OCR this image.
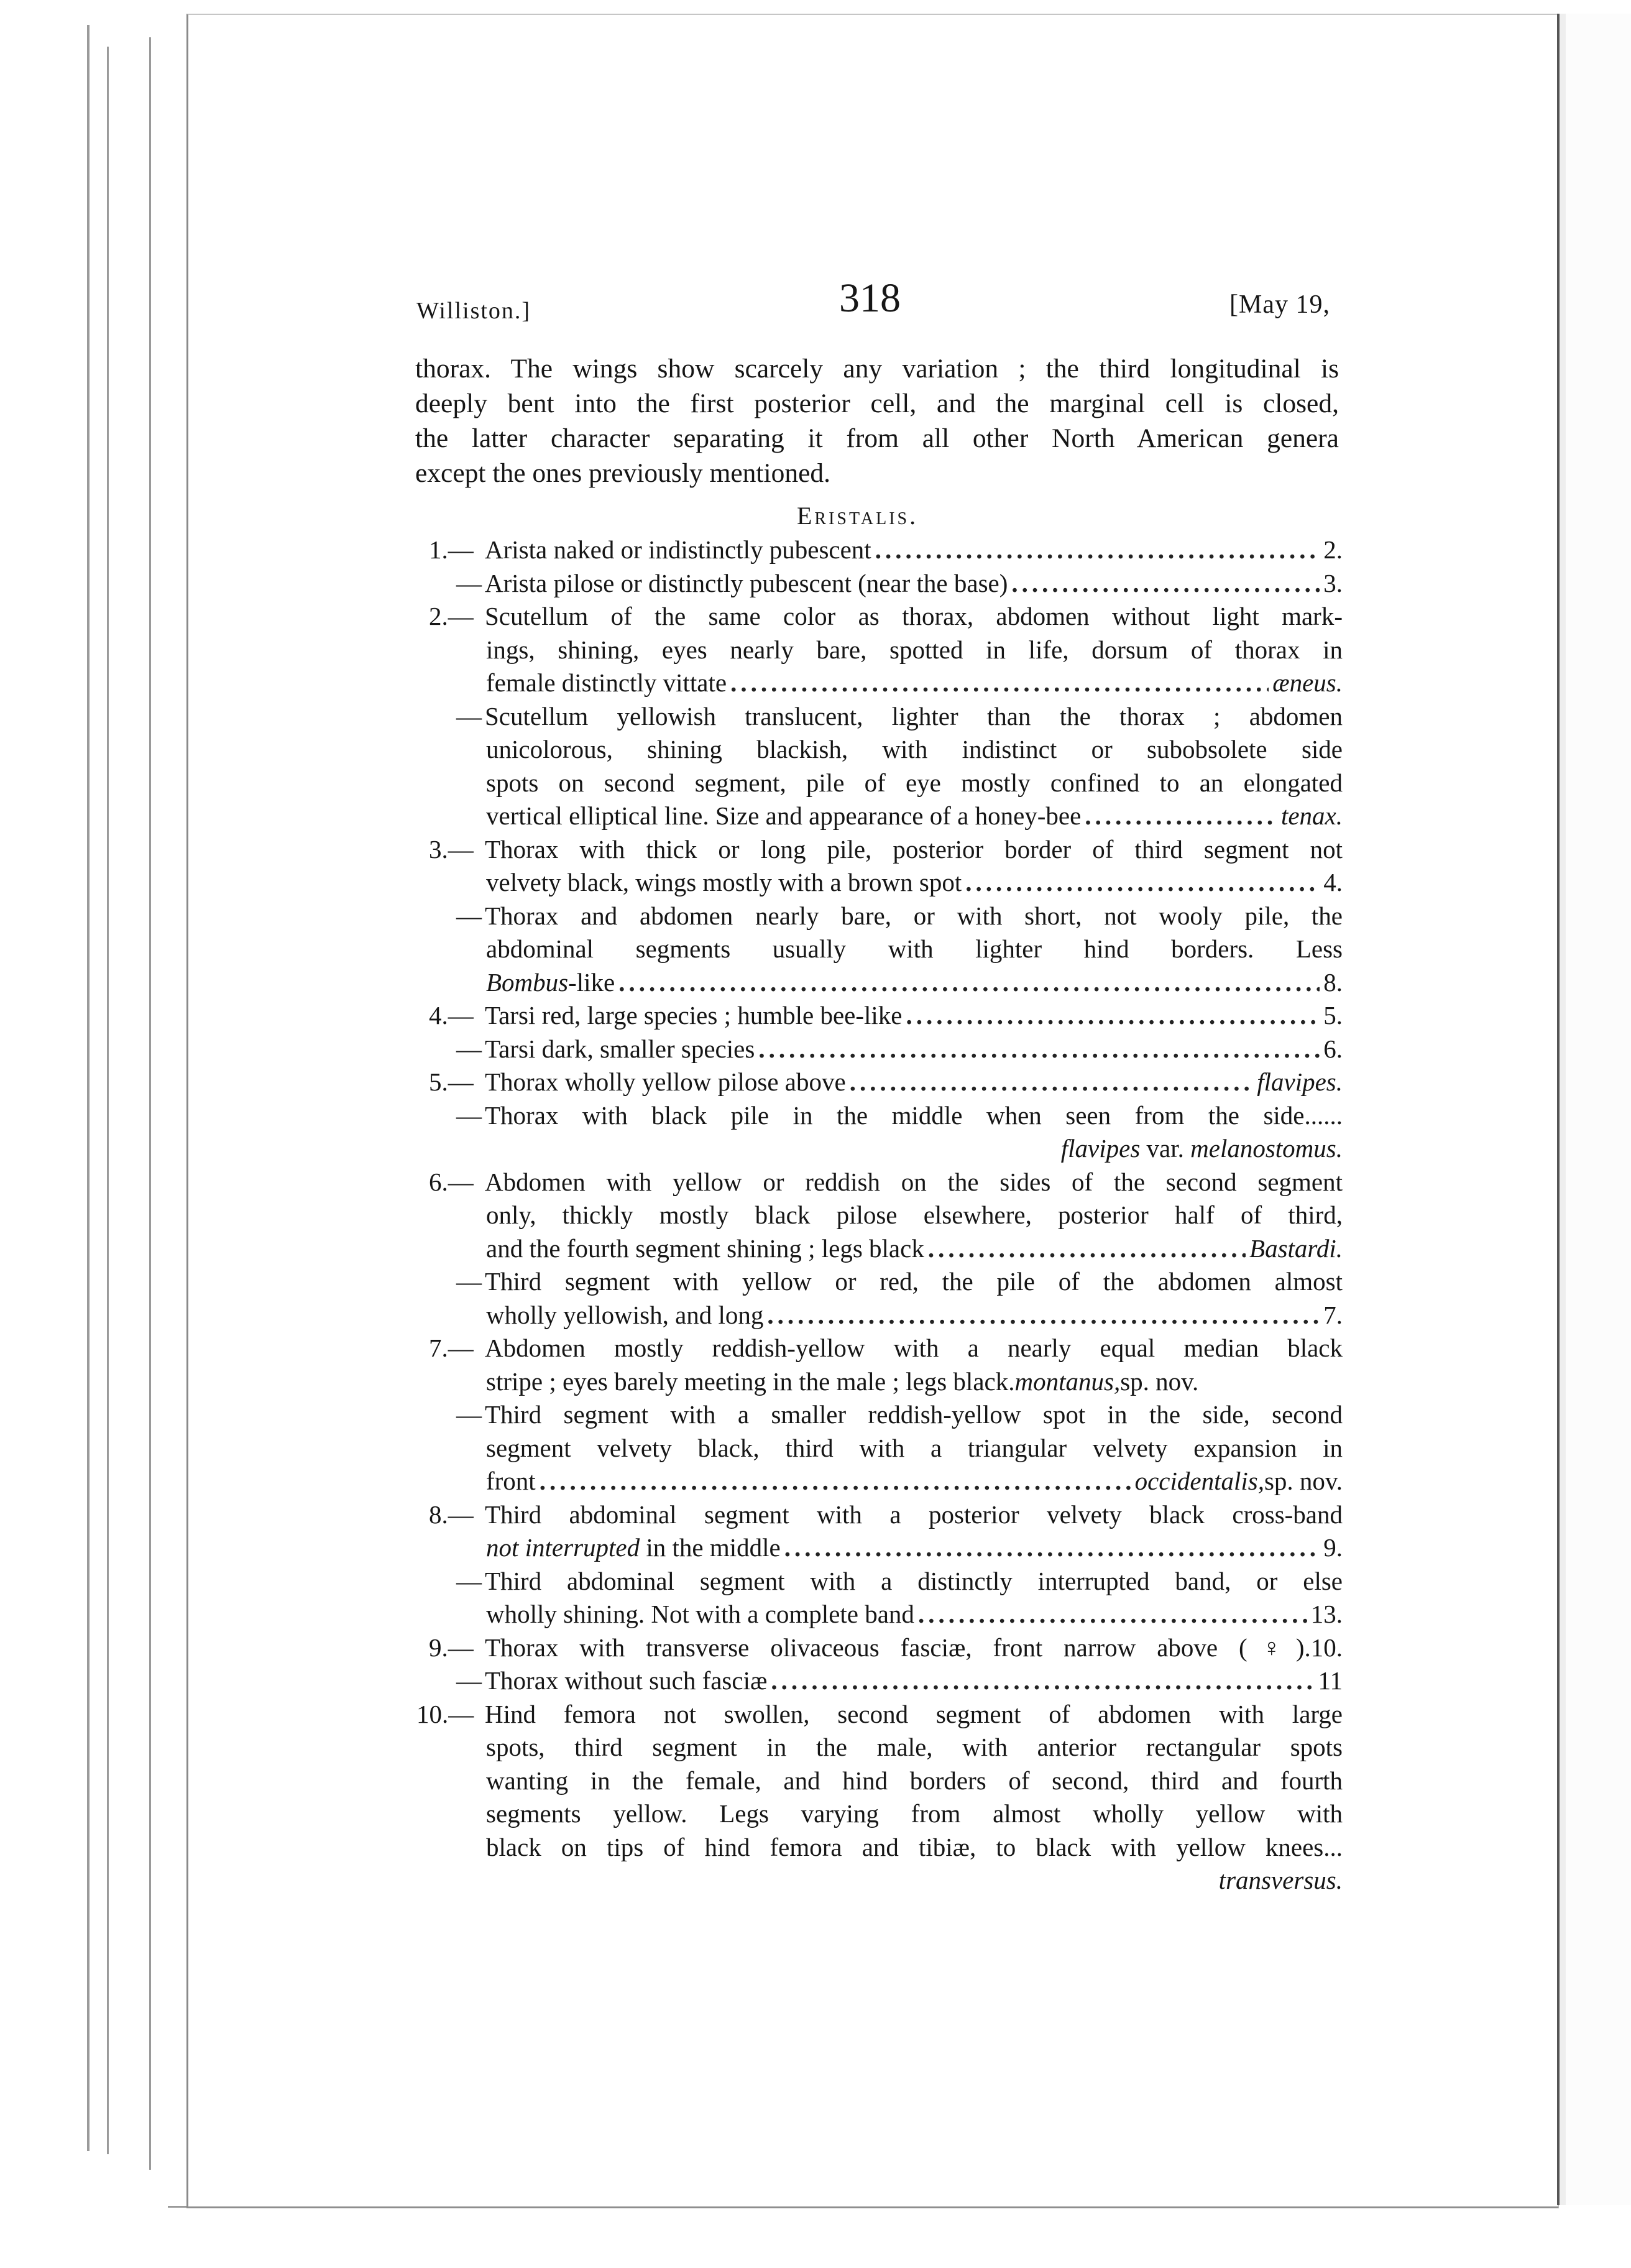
Williston.]	318	[May 19,

thorax. The wings show scarcely any variation ; the third longitudinal is

deeply bent into the first posterior cell, and the marginal cell is closed,

the latter character separating it from all other North American genera

except the ones previously mentioned.

Eristalis.
1.— Arista naked or indistinctly pubescent .....	2.
— Arista pilose or distinctly pubescent (near the base) .....	3.
2.— Scutellum of the same color as thorax, abdomen without light mark-
ings, shining, eyes nearly bare, spotted in life, dorsum of thorax in
female distinctly vittate .....	æneus.
— Scutellum yellowish translucent, lighter than the thorax ; abdomen
unicolorous, shining blackish, with indistinct or subobsolete side
spots on second segment, pile of eye mostly confined to an elongated
vertical elliptical line. Size and appearance of a honey-bee .....	tenax.
3.— Thorax with thick or long pile, posterior border of third segment not
velvety black, wings mostly with a brown spot .....	4.
— Thorax and abdomen nearly bare, or with short, not wooly pile, the
abdominal segments usually with lighter hind borders. Less
Bombus-like .....	8.
4.— Tarsi red, large species ; humble bee-like .....	5.
— Tarsi dark, smaller species .....	6.
5.— Thorax wholly yellow pilose above .....	flavipes.
— Thorax with black pile in the middle when seen from the side......
flavipes var. melanostomus.
6.— Abdomen with yellow or reddish on the sides of the second segment
only, thickly mostly black pilose elsewhere, posterior half of third,
and the fourth segment shining ; legs black .....	Bastardi.
— Third segment with yellow or red, the pile of the abdomen almost
wholly yellowish, and long .....	7.
7.— Abdomen mostly reddish-yellow with a nearly equal median black
stripe ; eyes barely meeting in the male ; legs black. montanus, sp. nov.
— Third segment with a smaller reddish-yellow spot in the side, second
segment velvety black, third with a triangular velvety expansion in
front .....	occidentalis, sp. nov.
8.— Third abdominal segment with a posterior velvety black cross-band
not interrupted in the middle .....	9.
— Third abdominal segment with a distinctly interrupted band, or else
wholly shining. Not with a complete band .....	13.
9.— Thorax with transverse olivaceous fasciæ, front narrow above (♀).10.
— Thorax without such fasciæ .....	11
10.— Hind femora not swollen, second segment of abdomen with large
spots, third segment in the male, with anterior rectangular spots
wanting in the female, and hind borders of second, third and fourth
segments yellow. Legs varying from almost wholly yellow with
black on tips of hind femora and tibiæ, to black with yellow knees...
transversus.
